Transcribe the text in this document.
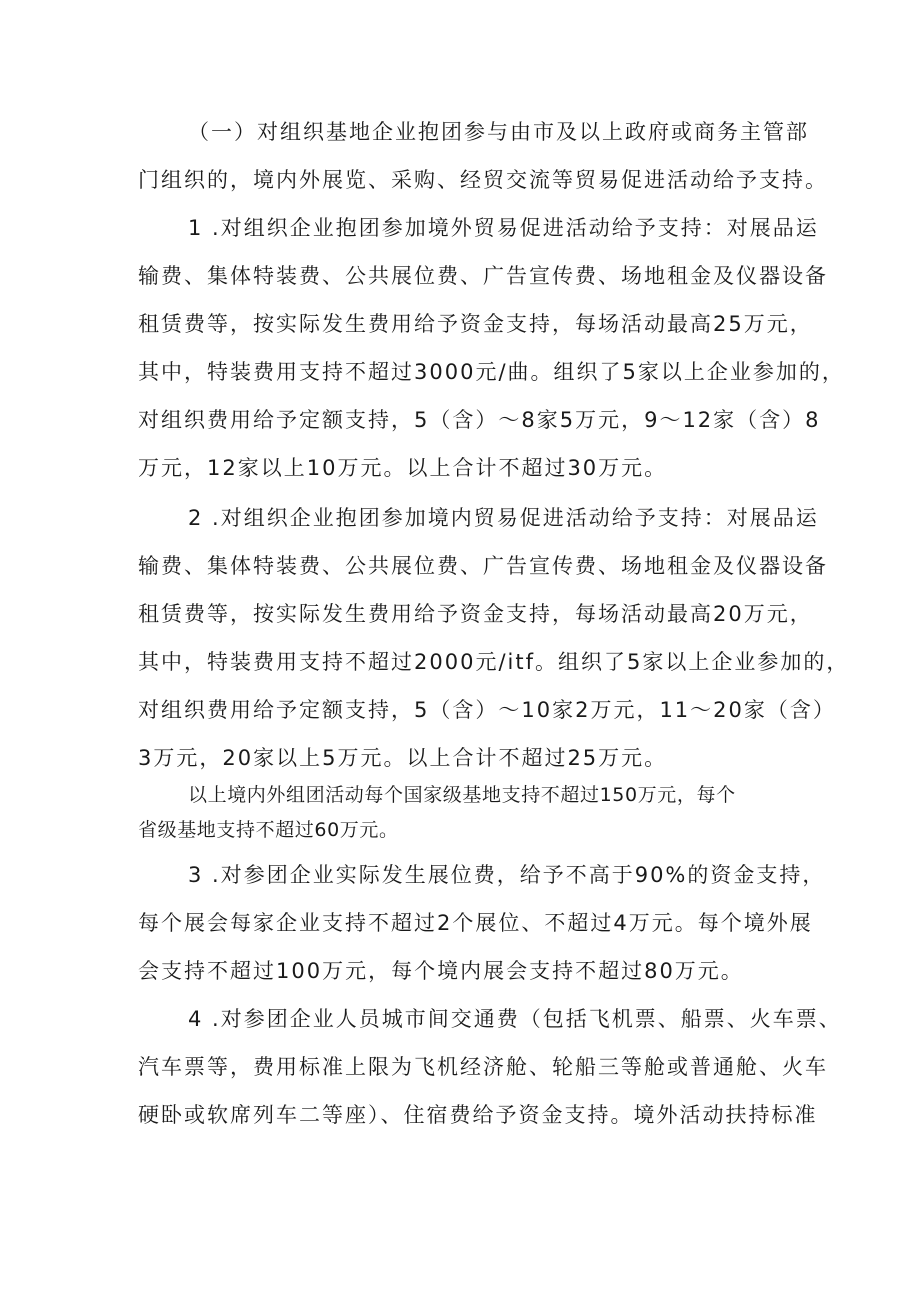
（一）对组织基地企业抱团参与由市及以上政府或商务主管部
门组织的，境内外展览、采购、经贸交流等贸易促进活动给予支持。
1 .对组织企业抱团参加境外贸易促进活动给予支持：对展品运
输费、集体特装费、公共展位费、广告宣传费、场地租金及仪器设备
租赁费等，按实际发生费用给予资金支持，每场活动最高25万元，
其中，特装费用支持不超过3000元/曲。组织了5家以上企业参加的，
对组织费用给予定额支持，5（含）〜8家5万元，9〜12家（含）8
万元，12家以上10万元。以上合计不超过30万元。
2 .对组织企业抱团参加境内贸易促进活动给予支持：对展品运
输费、集体特装费、公共展位费、广告宣传费、场地租金及仪器设备
租赁费等，按实际发生费用给予资金支持，每场活动最高20万元，
其中，特装费用支持不超过2000元/itf。组织了5家以上企业参加的，
对组织费用给予定额支持，5（含）〜10家2万元，11〜20家（含）
3万元，20家以上5万元。以上合计不超过25万元。
以上境内外组团活动每个国家级基地支持不超过150万元，每个
省级基地支持不超过60万元。
3 .对参团企业实际发生展位费，给予不高于90%的资金支持，
每个展会每家企业支持不超过2个展位、不超过4万元。每个境外展
会支持不超过100万元，每个境内展会支持不超过80万元。
4 .对参团企业人员城市间交通费（包括飞机票、船票、火车票、
汽车票等，费用标准上限为飞机经济舱、轮船三等舱或普通舱、火车
硬卧或软席列车二等座）、住宿费给予资金支持。境外活动扶持标准
